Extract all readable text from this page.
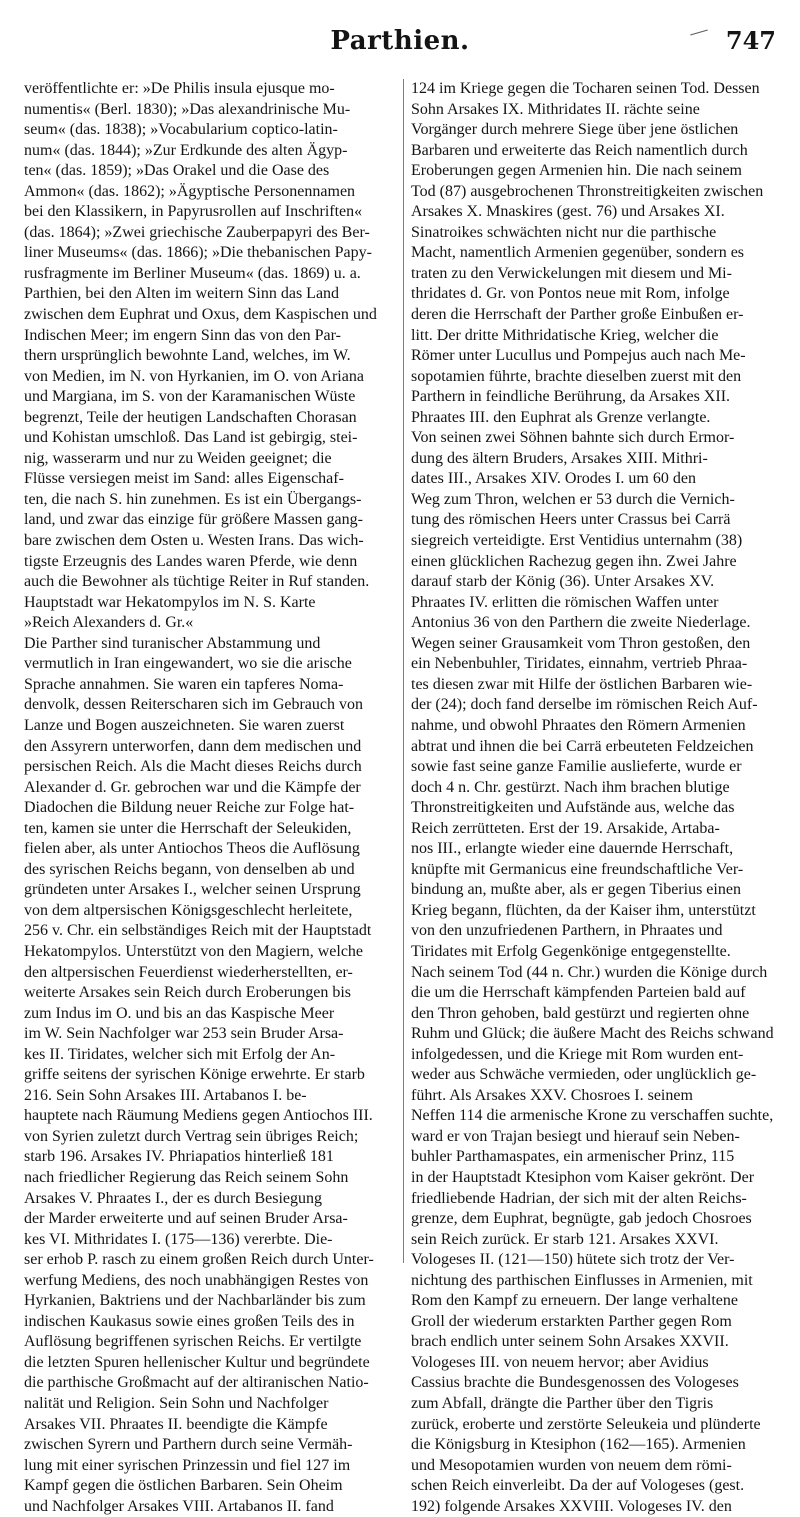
Parthien.	747
veröffentlichte er: »De Philis insula ejusque mo-
numentis« (Berl. 1830); »Das alexandrinische Mu-
seum« (das. 1838); »Vocabularium coptico-latin-
num« (das. 1844); »Zur Erdkunde des alten Ägyp-
ten« (das. 1859); »Das Orakel und die Oase des
Ammon« (das. 1862); »Ägyptische Personennamen
bei den Klassikern, in Papyrusrollen auf Inschriften«
(das. 1864); »Zwei griechische Zauberpapyri des Ber-
liner Museums« (das. 1866); »Die thebanischen Papy-
rusfragmente im Berliner Museum« (das. 1869) u. a.
Parthien, bei den Alten im weitern Sinn das Land
zwischen dem Euphrat und Oxus, dem Kaspischen und
Indischen Meer; im engern Sinn das von den Par-
thern ursprünglich bewohnte Land, welches, im W.
von Medien, im N. von Hyrkanien, im O. von Ariana
und Margiana, im S. von der Karamanischen Wüste
begrenzt, Teile der heutigen Landschaften Chorasan
und Kohistan umschloß. Das Land ist gebirgig, stei-
nig, wasserarm und nur zu Weiden geeignet; die
Flüsse versiegen meist im Sand: alles Eigenschaf-
ten, die nach S. hin zunehmen. Es ist ein Übergangs-
land, und zwar das einzige für größere Massen gang-
bare zwischen dem Osten u. Westen Irans. Das wich-
tigste Erzeugnis des Landes waren Pferde, wie denn
auch die Bewohner als tüchtige Reiter in Ruf standen.
Hauptstadt war Hekatompylos im N. S. Karte
»Reich Alexanders d. Gr.«
Die Parther sind turanischer Abstammung und
vermutlich in Iran eingewandert, wo sie die arische
Sprache annahmen. Sie waren ein tapferes Noma-
denvolk, dessen Reiterscharen sich im Gebrauch von
Lanze und Bogen auszeichneten. Sie waren zuerst
den Assyrern unterworfen, dann dem medischen und
persischen Reich. Als die Macht dieses Reichs durch
Alexander d. Gr. gebrochen war und die Kämpfe der
Diadochen die Bildung neuer Reiche zur Folge hat-
ten, kamen sie unter die Herrschaft der Seleukiden,
fielen aber, als unter Antiochos Theos die Auflösung
des syrischen Reichs begann, von denselben ab und
gründeten unter Arsakes I., welcher seinen Ursprung
von dem altpersischen Königsgeschlecht herleitete,
256 v. Chr. ein selbständiges Reich mit der Hauptstadt
Hekatompylos. Unterstützt von den Magiern, welche
den altpersischen Feuerdienst wiederherstellten, er-
weiterte Arsakes sein Reich durch Eroberungen bis
zum Indus im O. und bis an das Kaspische Meer
im W. Sein Nachfolger war 253 sein Bruder Arsa-
kes II. Tiridates, welcher sich mit Erfolg der An-
griffe seitens der syrischen Könige erwehrte. Er starb
216. Sein Sohn Arsakes III. Artabanos I. be-
hauptete nach Räumung Mediens gegen Antiochos III.
von Syrien zuletzt durch Vertrag sein übriges Reich;
starb 196. Arsakes IV. Phriapatios hinterließ 181
nach friedlicher Regierung das Reich seinem Sohn
Arsakes V. Phraates I., der es durch Besiegung
der Marder erweiterte und auf seinen Bruder Arsa-
kes VI. Mithridates I. (175—136) vererbte. Die-
ser erhob P. rasch zu einem großen Reich durch Unter-
werfung Mediens, des noch unabhängigen Restes von
Hyrkanien, Baktriens und der Nachbarländer bis zum
indischen Kaukasus sowie eines großen Teils des in
Auflösung begriffenen syrischen Reichs. Er vertilgte
die letzten Spuren hellenischer Kultur und begründete
die parthische Großmacht auf der altiranischen Natio-
nalität und Religion. Sein Sohn und Nachfolger
Arsakes VII. Phraates II. beendigte die Kämpfe
zwischen Syrern und Parthern durch seine Vermäh-
lung mit einer syrischen Prinzessin und fiel 127 im
Kampf gegen die östlichen Barbaren. Sein Oheim
und Nachfolger Arsakes VIII. Artabanos II. fand
124 im Kriege gegen die Tocharen seinen Tod. Dessen
Sohn Arsakes IX. Mithridates II. rächte seine
Vorgänger durch mehrere Siege über jene östlichen
Barbaren und erweiterte das Reich namentlich durch
Eroberungen gegen Armenien hin. Die nach seinem
Tod (87) ausgebrochenen Thronstreitigkeiten zwischen
Arsakes X. Mnaskires (gest. 76) und Arsakes XI.
Sinatroikes schwächten nicht nur die parthische
Macht, namentlich Armenien gegenüber, sondern es
traten zu den Verwickelungen mit diesem und Mi-
thridates d. Gr. von Pontos neue mit Rom, infolge
deren die Herrschaft der Parther große Einbußen er-
litt. Der dritte Mithridatische Krieg, welcher die
Römer unter Lucullus und Pompejus auch nach Me-
sopotamien führte, brachte dieselben zuerst mit den
Parthern in feindliche Berührung, da Arsakes XII.
Phraates III. den Euphrat als Grenze verlangte.
Von seinen zwei Söhnen bahnte sich durch Ermor-
dung des ältern Bruders, Arsakes XIII. Mithri-
dates III., Arsakes XIV. Orodes I. um 60 den
Weg zum Thron, welchen er 53 durch die Vernich-
tung des römischen Heers unter Crassus bei Carrä
siegreich verteidigte. Erst Ventidius unternahm (38)
einen glücklichen Rachezug gegen ihn. Zwei Jahre
darauf starb der König (36). Unter Arsakes XV.
Phraates IV. erlitten die römischen Waffen unter
Antonius 36 von den Parthern die zweite Niederlage.
Wegen seiner Grausamkeit vom Thron gestoßen, den
ein Nebenbuhler, Tiridates, einnahm, vertrieb Phraa-
tes diesen zwar mit Hilfe der östlichen Barbaren wie-
der (24); doch fand derselbe im römischen Reich Auf-
nahme, und obwohl Phraates den Römern Armenien
abtrat und ihnen die bei Carrä erbeuteten Feldzeichen
sowie fast seine ganze Familie auslieferte, wurde er
doch 4 n. Chr. gestürzt. Nach ihm brachen blutige
Thronstreitigkeiten und Aufstände aus, welche das
Reich zerrütteten. Erst der 19. Arsakide, Artaba-
nos III., erlangte wieder eine dauernde Herrschaft,
knüpfte mit Germanicus eine freundschaftliche Ver-
bindung an, mußte aber, als er gegen Tiberius einen
Krieg begann, flüchten, da der Kaiser ihm, unterstützt
von den unzufriedenen Parthern, in Phraates und
Tiridates mit Erfolg Gegenkönige entgegenstellte.
Nach seinem Tod (44 n. Chr.) wurden die Könige durch
die um die Herrschaft kämpfenden Parteien bald auf
den Thron gehoben, bald gestürzt und regierten ohne
Ruhm und Glück; die äußere Macht des Reichs schwand
infolgedessen, und die Kriege mit Rom wurden ent-
weder aus Schwäche vermieden, oder unglücklich ge-
führt. Als Arsakes XXV. Chosroes I. seinem
Neffen 114 die armenische Krone zu verschaffen suchte,
ward er von Trajan besiegt und hierauf sein Neben-
buhler Parthamaspates, ein armenischer Prinz, 115
in der Hauptstadt Ktesiphon vom Kaiser gekrönt. Der
friedliebende Hadrian, der sich mit der alten Reichs-
grenze, dem Euphrat, begnügte, gab jedoch Chosroes
sein Reich zurück. Er starb 121. Arsakes XXVI.
Vologeses II. (121—150) hütete sich trotz der Ver-
nichtung des parthischen Einflusses in Armenien, mit
Rom den Kampf zu erneuern. Der lange verhaltene
Groll der wiederum erstarkten Parther gegen Rom
brach endlich unter seinem Sohn Arsakes XXVII.
Vologeses III. von neuem hervor; aber Avidius
Cassius brachte die Bundesgenossen des Vologeses
zum Abfall, drängte die Parther über den Tigris
zurück, eroberte und zerstörte Seleukeia und plünderte
die Königsburg in Ktesiphon (162—165). Armenien
und Mesopotamien wurden von neuem dem römi-
schen Reich einverleibt. Da der auf Vologeses (gest.
192) folgende Arsakes XXVIII. Vologeses IV. den
